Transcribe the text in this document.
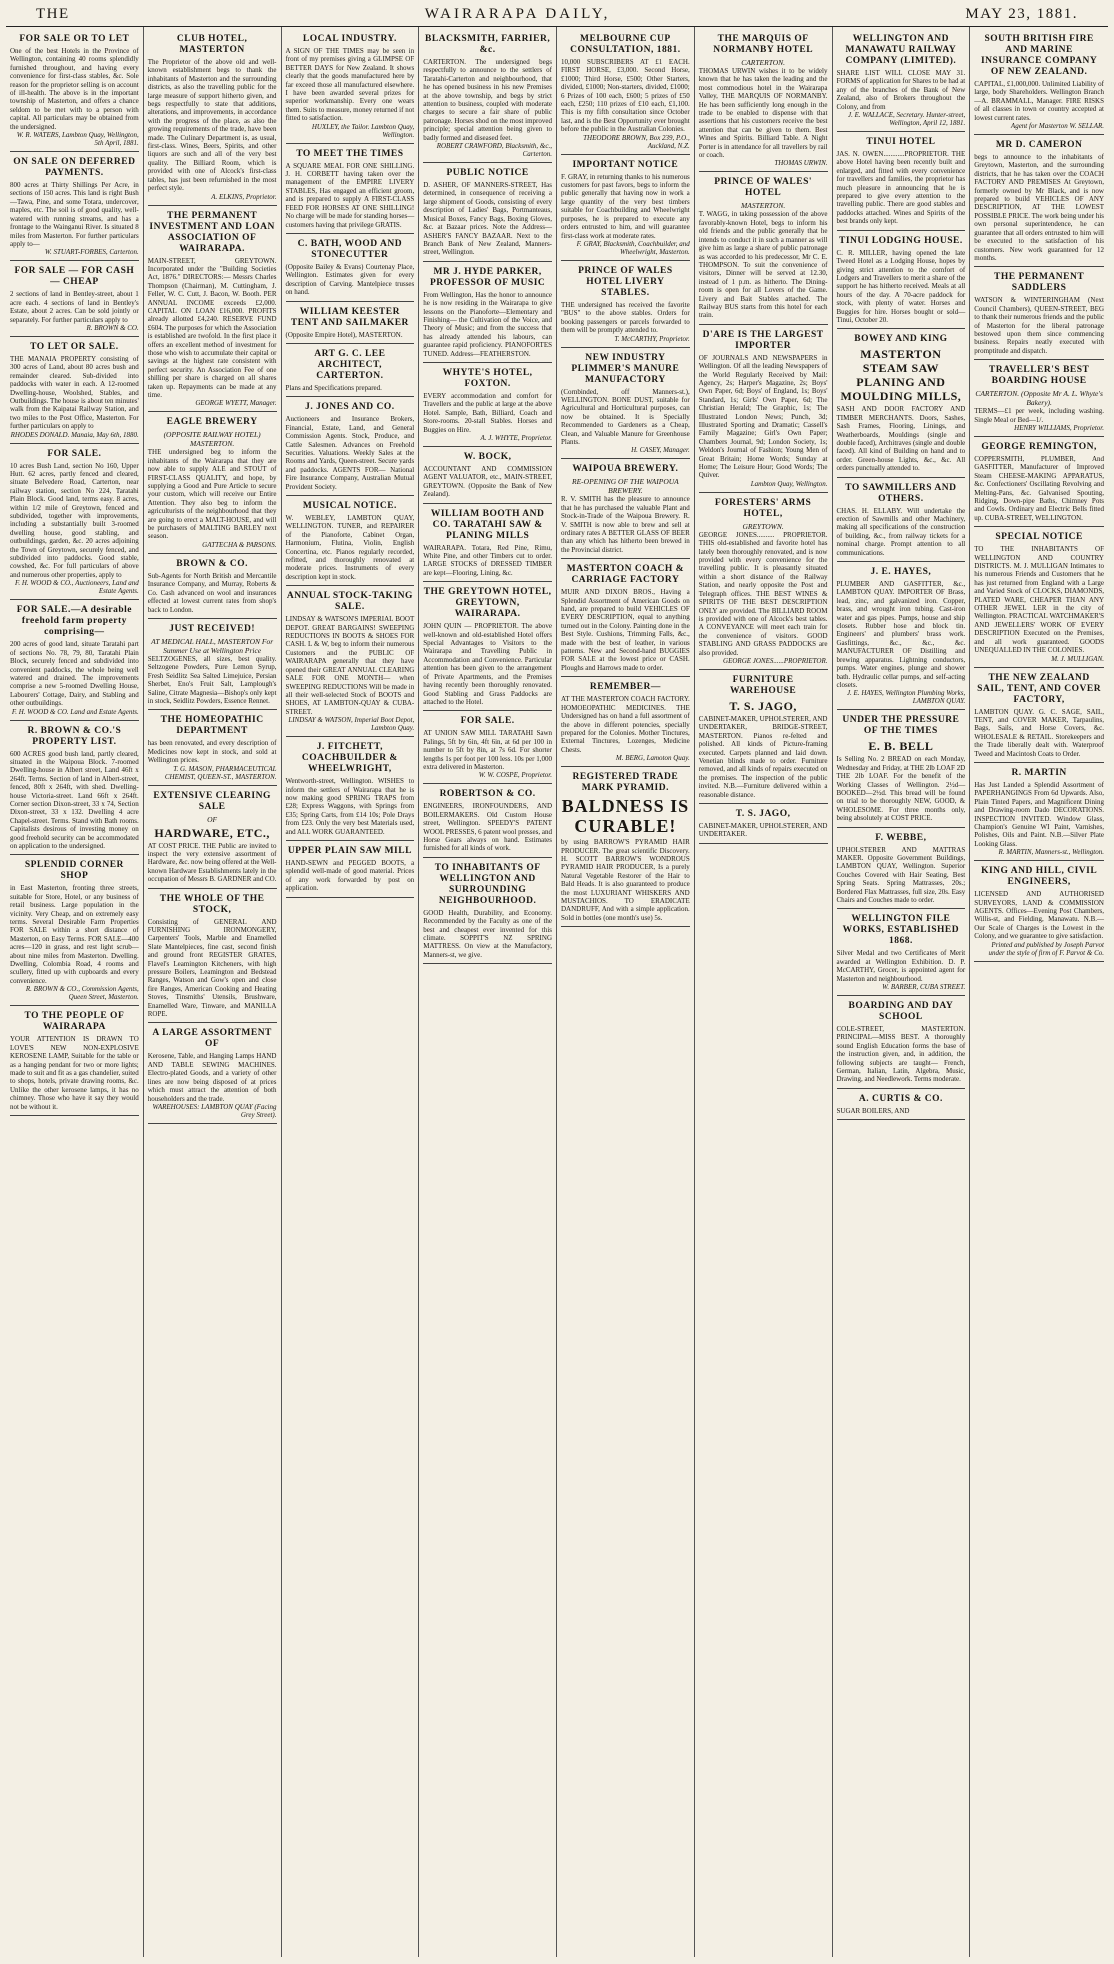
THE	WAIRARAPA DAILY,	MAY 23, 1881.
FOR SALE OR TO LET

One of the best Hotels in the Province of Wellington, containing 40 rooms splendidly furnished throughout, and having every convenience for first-class stables, &c. Sole reason for the proprietor selling is on account of ill-health. The above is in the important township of Masterton, and offers a chance seldom to be met with to a person with capital. All particulars may be obtained from the undersigned.

W. R. WATERS, Lambton Quay, Wellington, 5th April, 1881.
ON SALE ON DEFERRED PAYMENTS.

800 acres at Thirty Shillings Per Acre, in sections of 150 acres. This land is right Bush—Tawa, Pine, and some Totara, undercover, maples, etc. The soil is of good quality, well-watered with running streams, and has a frontage to the Wainganui River. Is situated 8 miles from Masterton. For further particulars apply to—

W. STUART-FORBES, Carterton.
FOR SALE — FOR CASH — CHEAP

2 sections of land in Bentley-street, about 1 acre each. 4 sections of land in Bentley's Estate, about 2 acres. Can be sold jointly or separately. For further particulars apply to

R. BROWN & CO.
TO LET OR SALE.

THE MANAIA PROPERTY consisting of 300 acres of Land, about 80 acres bush and remainder cleared. Sub-divided into paddocks with water in each. A 12-roomed Dwelling-house, Woolshed, Stables, and Outbuildings. The house is about ten minutes' walk from the Kaipatai Railway Station, and two miles to the Post Office, Masterton. For further particulars on apply to

RHODES DONALD. Manaia, May 6th, 1880.
FOR SALE.

10 acres Bush Land, section No 160, Upper Hutt. 62 acres, partly fenced and cleared, situate Belvedere Road, Carterton, near railway station, section No 224, Taratahi Plain Block. Good land, terms easy. 8 acres, within 1/2 mile of Greytown, fenced and subdivided, together with improvements, including a substantially built 3-roomed dwelling house, good stabling, and outbuildings, garden, &c. 20 acres adjoining the Town of Greytown, securely fenced, and subdivided into paddocks. Good stable, cowshed, &c. For full particulars of above and numerous other properties, apply to

F. H. WOOD & CO., Auctioneers, Land and Estate Agents.
FOR SALE.—A desirable freehold farm property comprising—

200 acres of good land, situate Taratahi part of sections No. 78, 79, 80, Taratahi Plain Block, securely fenced and subdivided into convenient paddocks, the whole being well watered and drained. The improvements comprise a new 5-roomed Dwelling House, Labourers' Cottage, Dairy, and Stabling and other outbuildings.

F. H. WOOD & CO. Land and Estate Agents.
R. BROWN & CO.'S PROPERTY LIST.

600 ACRES good bush land, partly cleared, situated in the Waipoua Block. 7-roomed Dwelling-house in Albert street, Land 46ft x 264ft. Terms. Section of land in Albert-street, fenced, 80ft x 264ft, with shed. Dwelling-house Victoria-street. Land 66ft x 264ft. Corner section Dixon-street, 33 x 74, Section Dixon-street, 33 x 132. Dwelling 4 acre Chapel-street. Terms. Stand with Bath rooms. Capitalists desirous of investing money on good freehold security can be accommodated on application to the undersigned.

SPLENDID CORNER SHOP

in East Masterton, fronting three streets, suitable for Store, Hotel, or any business of retail business. Large population in the vicinity. Very Cheap, and on extremely easy terms. Several Desirable Farm Properties FOR SALE within a short distance of Masterton, on Easy Terms. FOR SALE—400 acres—120 in grass, and rest light scrub—about nine miles from Masterton. Dwelling. Dwelling, Colombia Road, 4 rooms and scullery, fitted up with cupboards and every convenience.

R. BROWN & CO., Commission Agents, Queen Street, Masterton.
TO THE PEOPLE OF WAIRARAPA

YOUR ATTENTION IS DRAWN TO LOVE'S NEW NON-EXPLOSIVE KEROSENE LAMP, Suitable for the table or as a hanging pendant for two or more lights; made to suit and fit as a gas chandelier, suited to shops, hotels, private drawing rooms, &c. Unlike the other kerosene lamps, it has no chimney. Those who have it say they would not be without it.

CLUB HOTEL, MASTERTON

The Proprietor of the above old and well-known establishment begs to thank the inhabitants of Masterton and the surrounding districts, as also the travelling public for the large measure of support hitherto given, and begs respectfully to state that additions, alterations, and improvements, in accordance with the progress of the place, as also the growing requirements of the trade, have been made. The Culinary Department is, as usual, first-class. Wines, Beers, Spirits, and other liquors are such and all of the very best quality. The Billiard Room, which is provided with one of Alcock's first-class tables, has just been refurnished in the most perfect style.

A. ELKINS, Proprietor.
THE PERMANENT INVESTMENT AND LOAN ASSOCIATION OF WAIRARAPA.

MAIN-STREET, GREYTOWN. Incorporated under the "Building Societies Act, 1876." DIRECTORS:— Messrs Charles Thompson (Chairman), M. Cuttingham, J. Feller, W. C. Cutt, J. Bacon, W. Booth. PER ANNUAL INCOME exceeds £2,000. CAPITAL ON LOAN £16,000. PROFITS already allotted £4,240. RESERVE FUND £604. The purposes for which the Association is established are twofold. In the first place it offers an excellent method of investment for those who wish to accumulate their capital or savings at the highest rate consistent with perfect security. An Association Fee of one shilling per share is charged on all shares taken up. Repayments can be made at any time.

GEORGE WYETT, Manager.
EAGLE BREWERY
(OPPOSITE RAILWAY HOTEL) MASTERTON.

THE undersigned beg to inform the inhabitants of the Wairarapa that they are now able to supply ALE and STOUT of FIRST-CLASS QUALITY, and hope, by supplying a Good and Pure Article to secure your custom, which will receive our Entire Attention. They also beg to inform the agriculturists of the neighbourhood that they are going to erect a MALT-HOUSE, and will be purchasers of MALTING BARLEY next season.

GATTECHA & PARSONS.
BROWN & CO.

Sub-Agents for North British and Mercantile Insurance Company, and Murray, Roberts & Co. Cash advanced on wool and insurances effected at lowest current rates from shop's back to London.

JUST RECEIVED!
AT MEDICAL HALL, MASTERTON For Summer Use at Wellington Price

SELTZOGENES, all sizes, best quality. Seltzogene Powders, Pure Lemon Syrup, Fresh Seidlitz Sea Salted Limejuice, Persian Sherbet, Eno's Fruit Salt, Lamplough's Saline, Citrate Magnesia—Bishop's only kept in stock, Seidlitz Powders, Essence Rennet.

THE HOMEOPATHIC DEPARTMENT

has been renovated, and every description of Medicines now kept in stock, and sold at Wellington prices.

T. G. MASON, PHARMACEUTICAL CHEMIST, QUEEN-ST., MASTERTON.
EXTENSIVE CLEARING SALE
OF
HARDWARE, ETC.,

AT COST PRICE. THE Public are invited to inspect the very extensive assortment of Hardware, &c. now being offered at the Well-known Hardware Establishments lately in the occupation of Messrs B. GARDNER and CO.

THE WHOLE OF THE STOCK,

Consisting of GENERAL AND FURNISHING IRONMONGERY, Carpenters' Tools, Marble and Enamelled Slate Mantelpieces, fine cast, second finish and ground front REGISTER GRATES, Flavel's Leamington Kitcheners, with high pressure Boilers, Leamington and Bedstead Ranges, Watson and Gow's open and close fire Ranges, American Cooking and Heating Stoves, Tinsmiths' Utensils, Brushware, Enamelled Ware, Tinware, and MANILLA ROPE.

A LARGE ASSORTMENT OF

Kerosene, Table, and Hanging Lamps HAND AND TABLE SEWING MACHINES. Electro-plated Goods, and a variety of other lines are now being disposed of at prices which must attract the attention of both householders and the trade.

WAREHOUSES: LAMBTON QUAY (Facing Grey Street).
LOCAL INDUSTRY.

A SIGN OF THE TIMES may be seen in front of my premises giving a GLIMPSE OF BETTER DAYS for New Zealand. It shows clearly that the goods manufactured here by far exceed those all manufactured elsewhere. I have been awarded several prizes for superior workmanship. Every one wears them. Suits to measure, money returned if not fitted to satisfaction.

HUXLEY, the Tailor. Lambton Quay, Wellington.
TO MEET THE TIMES

A SQUARE MEAL FOR ONE SHILLING. J. H. CORBETT having taken over the management of the EMPIRE LIVERY STABLES, Has engaged an efficient groom, and is prepared to supply A FIRST-CLASS FEED FOR HORSES AT ONE SHILLING! No charge will be made for standing horses—customers having that privilege GRATIS.

C. BATH, WOOD AND STONECUTTER

(Opposite Bailey & Evans) Courtenay Place, Wellington. Estimates given for every description of Carving. Mantelpiece trusses on hand.

WILLIAM KEESTER TENT AND SAILMAKER

(Opposite Empire Hotel), MASTERTON.

ART G. C. LEE ARCHITECT, CARTERTON.

Plans and Specifications prepared.

J. JONES AND CO.

Auctioneers and Insurance Brokers, Financial, Estate, Land, and General Commission Agents. Stock, Produce, and Cattle Salesmen. Advances on Freehold Securities. Valuations. Weekly Sales at the Rooms and Yards, Queen-street. Secure yards and paddocks. AGENTS FOR— National Fire Insurance Company, Australian Mutual Provident Society.

MUSICAL NOTICE.

W. WEBLEY, LAMBTON QUAY, WELLINGTON. TUNER, and REPAIRER of the Pianoforte, Cabinet Organ, Harmonium, Flutina, Violin, English Concertina, etc. Pianos regularly recorded, refitted, and thoroughly renovated at moderate prices. Instruments of every description kept in stock.

ANNUAL STOCK-TAKING SALE.

LINDSAY & WATSON'S IMPERIAL BOOT DEPOT. GREAT BARGAINS! SWEEPING REDUCTIONS IN BOOTS & SHOES FOR CASH. L & W, beg to inform their numerous Customers and the PUBLIC OF WAIRARAPA generally that they have opened their GREAT ANNUAL CLEARING SALE FOR ONE MONTH— when SWEEPING REDUCTIONS Will be made in all their well-selected Stock of BOOTS and SHOES, AT LAMBTON-QUAY & CUBA-STREET.

LINDSAY & WATSON, Imperial Boot Depot, Lambton Quay.
J. FITCHETT, COACHBUILDER & WHEELWRIGHT,

Wentworth-street, Wellington. WISHES to inform the settlers of Wairarapa that he is now making good SPRING TRAPS from £28; Express Waggons, with Springs from £35; Spring Carts, from £14 10s; Pole Drays from £23. Only the very best Materials used, and ALL WORK GUARANTEED.

UPPER PLAIN SAW MILL

HAND-SEWN and PEGGED BOOTS, a splendid well-made of good material. Prices of any work forwarded by post on application.

BLACKSMITH, FARRIER, &c.

CARTERTON. The undersigned begs respectfully to announce to the settlers of Taratahi-Carterton and neighbourhood, that he has opened business in his new Premises at the above township, and begs by strict attention to business, coupled with moderate charges to secure a fair share of public patronage. Horses shod on the most improved principle; special attention being given to badly formed and diseased feet.

ROBERT CRAWFORD, Blacksmith, &c., Carterton.
PUBLIC NOTICE

D. ASHER, OF MANNERS-STREET, Has determined, in consequence of receiving a large shipment of Goods, consisting of every description of Ladies' Bags, Portmanteaus, Musical Boxes, Fancy Bags, Boxing Gloves, &c. at Bazaar prices. Note the Address— ASHER'S FANCY BAZAAR. Next to the Branch Bank of New Zealand, Manners-street, Wellington.

MR J. HYDE PARKER, PROFESSOR OF MUSIC

From Wellington, Has the honor to announce he is now residing in the Wairarapa to give lessons on the Pianoforte—Elementary and Finishing— the Cultivation of the Voice, and Theory of Music; and from the success that has already attended his labours, can guarantee rapid proficiency. PIANOFORTES TUNED. Address—FEATHERSTON.

WHYTE'S HOTEL, FOXTON.

EVERY accommodation and comfort for Travellers and the public at large at the above Hotel. Sample, Bath, Billiard, Coach and Store-rooms. 20-stall Stables. Horses and Buggies on Hire.

A. J. WHYTE, Proprietor.
W. BOCK,

ACCOUNTANT AND COMMISSION AGENT VALUATOR, etc., MAIN-STREET, GREYTOWN. (Opposite the Bank of New Zealand).

WILLIAM BOOTH AND CO. TARATAHI SAW & PLANING MILLS

WAIRARAPA. Totara, Red Pine, Rimu, White Pine, and other Timbers cut to order. LARGE STOCKS of DRESSED TIMBER are kept—Flooring, Lining, &c.

THE GREYTOWN HOTEL, GREYTOWN, WAIRARAPA.

JOHN QUIN — PROPRIETOR. The above well-known and old-established Hotel offers Special Advantages to Visitors to the Wairarapa and Travelling Public in Accommodation and Convenience. Particular attention has been given to the arrangement of Private Apartments, and the Premises having recently been thoroughly renovated. Good Stabling and Grass Paddocks are attached to the Hotel.

FOR SALE.

AT UNION SAW MILL TARATAHI Sawn Palings, 5ft by 6in, 4ft 6in, at 6d per 100 in number to 5ft by 8in, at 7s 6d. For shorter lengths 1s per foot per 100 less. 10s per 1,000 extra delivered in Masterton.

W. W. COSPE, Proprietor.
ROBERTSON & CO.

ENGINEERS, IRONFOUNDERS, AND BOILERMAKERS. Old Custom House street, Wellington. SPEEDY'S PATENT WOOL PRESSES, 6 patent wool presses, and Horse Gears always on hand. Estimates furnished for all kinds of work.

TO INHABITANTS OF WELLINGTON AND SURROUNDING NEIGHBOURHOOD.

GOOD Health, Durability, and Economy. Recommended by the Faculty as one of the best and cheapest ever invented for this climate. SOPPIT'S NZ SPRING MATTRESS. On view at the Manufactory, Manners-st, we give.

MELBOURNE CUP CONSULTATION, 1881.

10,000 SUBSCRIBERS AT £1 EACH. FIRST HORSE, £3,000. Second Horse, £1000; Third Horse, £500; Other Starters, divided, £1000; Non-starters, divided, £1000; 6 Prizes of 100 each, £600; 5 prizes of £50 each, £250; 110 prizes of £10 each, £1,100. This is my fifth consultation since October last, and is the Best Opportunity ever brought before the public in the Australian Colonies.

THEODORE BROWN, Box 239, P.O., Auckland, N.Z.
IMPORTANT NOTICE

F. GRAY, in returning thanks to his numerous customers for past favors, begs to inform the public generally that having now in work a large quantity of the very best timbers suitable for Coachbuilding and Wheelwright purposes, he is prepared to execute any orders entrusted to him, and will guarantee first-class work at moderate rates.

F. GRAY, Blacksmith, Coachbuilder, and Wheelwright, Masterton.
PRINCE OF WALES HOTEL LIVERY STABLES.

THE undersigned has received the favorite "BUS" to the above stables. Orders for booking passengers or parcels forwarded to them will be promptly attended to.

T. McCARTHY, Proprietor.
NEW INDUSTRY PLIMMER'S MANURE MANUFACTORY

(Cornbinded, off Manners-st.), WELLINGTON. BONE DUST, suitable for Agricultural and Horticultural purposes, can now be obtained. It is Specially Recommended to Gardeners as a Cheap, Clean, and Valuable Manure for Greenhouse Plants.

H. CASEY, Manager.
WAIPOUA BREWERY.
RE-OPENING OF THE WAIPOUA BREWERY.

R. V. SMITH has the pleasure to announce that he has purchased the valuable Plant and Stock-in-Trade of the Waipoua Brewery. R. V. SMITH is now able to brew and sell at ordinary rates A BETTER GLASS OF BEER than any which has hitherto been brewed in the Provincial district.

MASTERTON COACH & CARRIAGE FACTORY

MUIR AND DIXON BROS., Having a Splendid Assortment of American Goods on hand, are prepared to build VEHICLES OF EVERY DESCRIPTION, equal to anything turned out in the Colony. Painting done in the Best Style. Cushions, Trimming Falls, &c., made with the best of leather, in various patterns. New and Second-hand BUGGIES FOR SALE at the lowest price or CASH. Ploughs and Harrows made to order.

REMEMBER—

AT THE MASTERTON COACH FACTORY. HOMOEOPATHIC MEDICINES. THE Undersigned has on hand a full assortment of the above in different potencies, specially prepared for the Colonies. Mother Tinctures, External Tinctures, Lozenges, Medicine Chests.

M. BERG, Lamoton Quay.
REGISTERED TRADE MARK PYRAMID.
BALDNESS IS CURABLE!

by using BARROW'S PYRAMID HAIR PRODUCER. The great scientific Discovery. H. SCOTT BARROW'S WONDROUS PYRAMID HAIR PRODUCER, Is a purely Natural Vegetable Restorer of the Hair to Bald Heads. It is also guaranteed to produce the most LUXURIANT WHISKERS AND MUSTACHIOS. TO ERADICATE DANDRUFF, And with a simple application. Sold in bottles (one month's use) 5s.

THE MARQUIS OF NORMANBY HOTEL
CARTERTON.

THOMAS URWIN wishes it to be widely known that he has taken the leading and the most commodious hotel in the Wairarapa Valley, THE MARQUIS OF NORMANBY. He has been sufficiently long enough in the trade to be enabled to dispense with that assertions that his customers receive the best attention that can be given to them. Best Wines and Spirits. Billiard Table. A Night Porter is in attendance for all travellers by rail or coach.

THOMAS URWIN.
PRINCE OF WALES' HOTEL
MASTERTON.

T. WAGG, in taking possession of the above favorably-known Hotel, begs to inform his old friends and the public generally that he intends to conduct it in such a manner as will give him as large a share of public patronage as was accorded to his predecessor, Mr C. E. THOMPSON. To suit the convenience of visitors, Dinner will be served at 12.30, instead of 1 p.m. as hitherto. The Dining-room is open for all Lovers of the Game. Livery and Bait Stables attached. The Railway BUS starts from this hotel for each train.

D'ARE IS THE LARGEST IMPORTER

OF JOURNALS AND NEWSPAPERS in Wellington. Of all the leading Newspapers of the World Regularly Received by Mail: Agency, 2s; Harper's Magazine, 2s; Boys' Own Paper, 6d; Boys' of England, 1s; Boys' Standard, 1s; Girls' Own Paper, 6d; The Christian Herald; The Graphic, 1s; The Illustrated London News; Punch, 3d; Illustrated Sporting and Dramatic; Cassell's Family Magazine; Girl's Own Paper; Chambers Journal, 9d; London Society, 1s; Weldon's Journal of Fashion; Young Men of Great Britain; Home Words; Sunday at Home; The Leisure Hour; Good Words; The Quiver.

Lambton Quay, Wellington.
FORESTERS' ARMS HOTEL,
GREYTOWN.

GEORGE JONES.......... PROPRIETOR. THIS old-established and favorite hotel has lately been thoroughly renovated, and is now provided with every convenience for the travelling public. It is pleasantly situated within a short distance of the Railway Station, and nearly opposite the Post and Telegraph offices. THE BEST WINES & SPIRITS OF THE BEST DESCRIPTION ONLY are provided. The BILLIARD ROOM is provided with one of Alcock's best tables. A CONVEYANCE will meet each train for the convenience of visitors. GOOD STABLING AND GRASS PADDOCKS are also provided.

GEORGE JONES......PROPRIETOR.
FURNITURE WAREHOUSE
T. S. JAGO,

CABINET-MAKER, UPHOLSTERER, AND UNDERTAKER, BRIDGE-STREET, MASTERTON. Pianos re-felted and polished. All kinds of Picture-framing executed. Carpets planned and laid down. Venetian blinds made to order. Furniture removed, and all kinds of repairs executed on the premises. The inspection of the public invited. N.B.—Furniture delivered within a reasonable distance.

T. S. JAGO,

CABINET-MAKER, UPHOLSTERER, AND UNDERTAKER.

WELLINGTON AND MANAWATU RAILWAY COMPANY (LIMITED).

SHARE LIST WILL CLOSE MAY 31. FORMS of application for Shares to be had at any of the branches of the Bank of New Zealand, also of Brokers throughout the Colony, and from

J. E. WALLACE, Secretary. Hunter-street, Wellington, April 12, 1881.
TINUI HOTEL

JAS. N. OWEN............PROPRIETOR. THE above Hotel having been recently built and enlarged, and fitted with every convenience for travellers and families, the proprietor has much pleasure in announcing that he is prepared to give every attention to the travelling public. There are good stables and paddocks attached. Wines and Spirits of the best brands only kept.

TINUI LODGING HOUSE.

C. R. MILLER, having opened the late Tweed Hotel as a Lodging House, hopes by giving strict attention to the comfort of Lodgers and Travellers to merit a share of the support he has hitherto received. Meals at all hours of the day. A 70-acre paddock for stock, with plenty of water. Horses and Buggies for hire. Horses bought or sold—Tinui, October 20.

BOWEY AND KING
MASTERTON STEAM SAW PLANING AND MOULDING MILLS,

SASH AND DOOR FACTORY AND TIMBER MERCHANTS. Doors, Sashes, Sash Frames, Flooring, Linings, and Weatherboards, Mouldings (single and double faced), Architraves (single and double faced). All kind of Building on hand and to order. Green-house Lights, &c., &c. All orders punctually attended to.

TO SAWMILLERS AND OTHERS.

CHAS. H. ELLABY. Will undertake the erection of Sawmills and other Machinery, making all specifications of the construction of building, &c., from railway tickets for a nominal charge. Prompt attention to all communications.

J. E. HAYES,

PLUMBER AND GASFITTER, &c., LAMBTON QUAY. IMPORTER OF Brass, lead, zinc, and galvanized iron. Copper, brass, and wrought iron tubing. Cast-iron water and gas pipes. Pumps, house and ship closets. Rubber hose and block tin. Engineers' and plumbers' brass work. Gasfittings, &c., &c., &c. MANUFACTURER OF Distilling and brewing apparatus. Lightning conductors, pumps. Water engines, plunge and shower bath. Hydraulic cellar pumps, and self-acting closets.

J. E. HAYES, Wellington Plumbing Works, LAMBTON QUAY.
UNDER THE PRESSURE OF THE TIMES
E. B. BELL

Is Selling No. 2 BREAD on each Monday, Wednesday and Friday, at THE 2lb LOAF 2D THE 2lb LOAF. For the benefit of the Working Classes of Wellington. 2½d—BOOKED—2½d. This bread will be found on trial to be thoroughly NEW, GOOD, & WHOLESOME. For three months only, being absolutely at COST PRICE.

F. WEBBE,

UPHOLSTERER AND MATTRAS MAKER. Opposite Government Buildings, LAMBTON QUAY, Wellington. Superior Couches Covered with Hair Seating, Best Spring Seats. Spring Mattrasses, 20s.; Bordered Flax Mattrasses, full size, 20s. Easy Chairs and Couches made to order.

WELLINGTON FILE WORKS, ESTABLISHED 1868.

Silver Medal and two Certificates of Merit awarded at Wellington Exhibition. D. P. McCARTHY, Grocer, is appointed agent for Masterton and neighbourhood.

W. BARBER, CUBA STREET.
BOARDING AND DAY SCHOOL

COLE-STREET, MASTERTON. PRINCIPAL—MISS BEST. A thoroughly sound English Education forms the base of the instruction given, and, in addition, the following subjects are taught— French, German, Italian, Latin, Algebra, Music, Drawing, and Needlework. Terms moderate.

A. CURTIS & CO.

SUGAR BOILERS, AND

SOUTH BRITISH FIRE AND MARINE INSURANCE COMPANY OF NEW ZEALAND.

CAPITAL, £1,000,000. Unlimited Liability of large, body Shareholders. Wellington Branch—A. BRAMMALL, Manager. FIRE RISKS of all classes in town or country accepted at lowest current rates.

Agent for Masterton W. SELLAR.
MR D. CAMERON

begs to announce to the inhabitants of Greytown, Masterton, and the surrounding districts, that he has taken over the COACH FACTORY AND PREMISES At Greytown, formerly owned by Mr Black, and is now prepared to build VEHICLES OF ANY DESCRIPTION, AT THE LOWEST POSSIBLE PRICE. The work being under his own personal superintendence, he can guarantee that all orders entrusted to him will be executed to the satisfaction of his customers. New work guaranteed for 12 months.

THE PERMANENT SADDLERS

WATSON & WINTERINGHAM (Next Council Chambers), QUEEN-STREET, BEG to thank their numerous friends and the public of Masterton for the liberal patronage bestowed upon them since commencing business. Repairs neatly executed with promptitude and dispatch.

TRAVELLER'S BEST BOARDING HOUSE
CARTERTON. (Opposite Mr A. L. Whyte's Bakery).

TERMS—£1 per week, including washing. Single Meal or Bed—1/.

HENRY WILLIAMS, Proprietor.
GEORGE REMINGTON,

COPPERSMITH, PLUMBER, And GASFITTER, Manufacturer of Improved Steam CHEESE-MAKING APPARATUS, &c. Confectioners' Oscillating Revolving and Melting-Pans, &c. Galvanised Spouting, Ridging, Down-pipe Baths, Chimney Pots and Cowls. Ordinary and Electric Bells fitted up. CUBA-STREET, WELLINGTON.

SPECIAL NOTICE

TO THE INHABITANTS OF WELLINGTON AND COUNTRY DISTRICTS. M. J. MULLIGAN Intimates to his numerous Friends and Customers that he has just returned from England with a Large and Varied Stock of CLOCKS, DIAMONDS, PLATED WARE, CHEAPER THAN ANY OTHER JEWEL LER in the city of Wellington. PRACTICAL WATCHMAKER'S AND JEWELLERS' WORK OF EVERY DESCRIPTION Executed on the Premises, and all work guaranteed. GOODS UNEQUALLED IN THE COLONIES.

M. J. MULLIGAN.
THE NEW ZEALAND SAIL, TENT, AND COVER FACTORY,

LAMBTON QUAY. G. C. SAGE, SAIL, TENT, and COVER MAKER, Tarpaulins, Bags, Sails, and Horse Covers, &c. WHOLESALE & RETAIL. Storekeepers and the Trade liberally dealt with. Waterproof Tweed and Macintosh Coats to Order.

R. MARTIN

Has Just Landed a Splendid Assortment of PAPERHANGINGS From 6d Upwards. Also, Plain Tinted Papers, and Magnificent Dining and Drawing-room Dado DECORATIONS. INSPECTION INVITED. Window Glass, Champion's Genuine WI Paint, Varnishes, Polishes, Oils and Paint. N.B.—Silver Plate Looking Glass.

R. MARTIN, Manners-st., Wellington.
KING AND HILL, CIVIL ENGINEERS,

LICENSED AND AUTHORISED SURVEYORS, LAND & COMMISSION AGENTS. Offices—Evening Post Chambers, Willis-st, and Fielding, Manawatu. N.B.—Our Scale of Charges is the Lowest in the Colony, and we guarantee to give satisfaction.

Printed and published by Joseph Parvot under the style of firm of F. Parvot & Co.
